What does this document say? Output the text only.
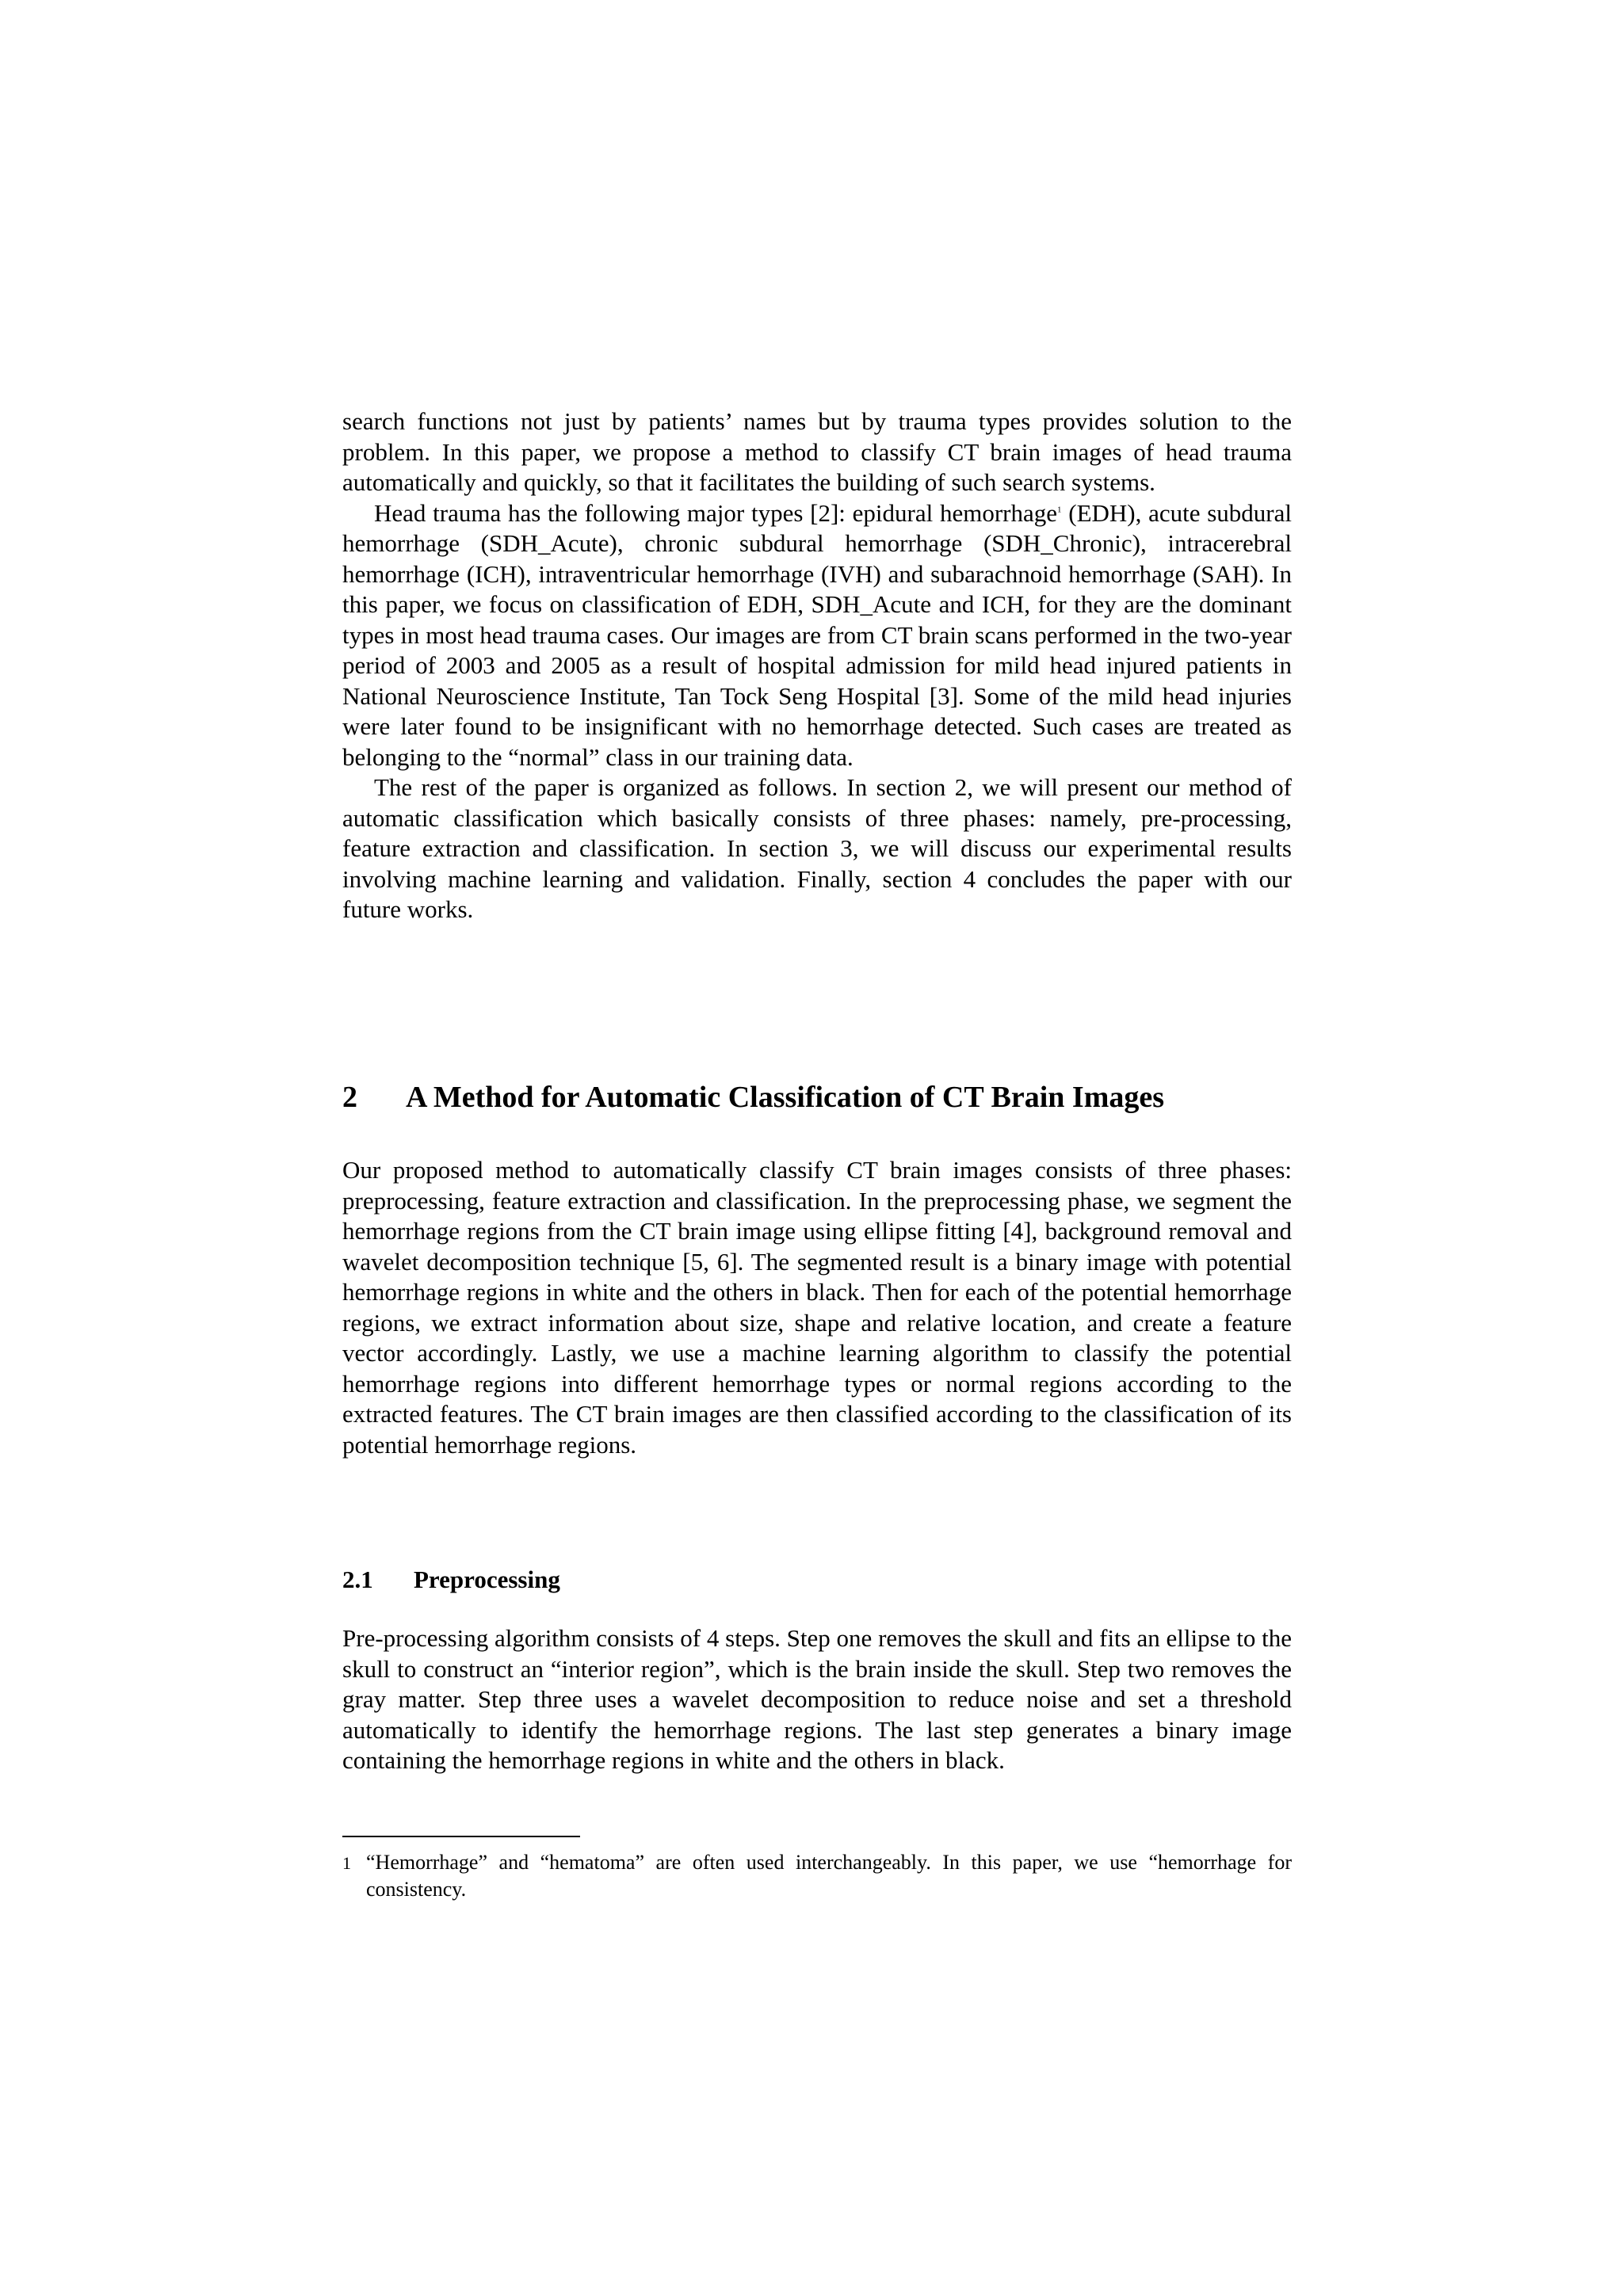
search functions not just by patients’ names but by trauma types provides solution to the problem. In this paper, we propose a method to classify CT brain images of head trauma automatically and quickly, so that it facilitates the building of such search systems.

Head trauma has the following major types [2]: epidural hemorrhage$^1$ (EDH), acute subdural hemorrhage (SDH_Acute), chronic subdural hemorrhage (SDH_Chronic), intracerebral hemorrhage (ICH), intraventricular hemorrhage (IVH) and subarachnoid hemorrhage (SAH). In this paper, we focus on classification of EDH, SDH_Acute and ICH, for they are the dominant types in most head trauma cases. Our images are from CT brain scans performed in the two-year period of 2003 and 2005 as a result of hospital admission for mild head injured patients in National Neuroscience Institute, Tan Tock Seng Hospital [3]. Some of the mild head injuries were later found to be insignificant with no hemorrhage detected. Such cases are treated as belonging to the “normal” class in our training data.

The rest of the paper is organized as follows. In section 2, we will present our method of automatic classification which basically consists of three phases: namely, pre-processing, feature extraction and classification. In section 3, we will discuss our experimental results involving machine learning and validation. Finally, section 4 concludes the paper with our future works.

2 A Method for Automatic Classification of CT Brain Images

Our proposed method to automatically classify CT brain images consists of three phases: preprocessing, feature extraction and classification. In the preprocessing phase, we segment the hemorrhage regions from the CT brain image using ellipse fitting [4], background removal and wavelet decomposition technique [5, 6]. The segmented result is a binary image with potential hemorrhage regions in white and the others in black. Then for each of the potential hemorrhage regions, we extract information about size, shape and relative location, and create a feature vector accordingly. Lastly, we use a machine learning algorithm to classify the potential hemorrhage regions into different hemorrhage types or normal regions according to the extracted features. The CT brain images are then classified according to the classification of its potential hemorrhage regions.

2.1 Preprocessing

Pre-processing algorithm consists of 4 steps. Step one removes the skull and fits an ellipse to the skull to construct an “interior region”, which is the brain inside the skull. Step two removes the gray matter. Step three uses a wavelet decomposition to reduce noise and set a threshold automatically to identify the hemorrhage regions. The last step generates a binary image containing the hemorrhage regions in white and the others in black.

1 “Hemorrhage” and “hematoma” are often used interchangeably. In this paper, we use “hemorrhage for consistency.
